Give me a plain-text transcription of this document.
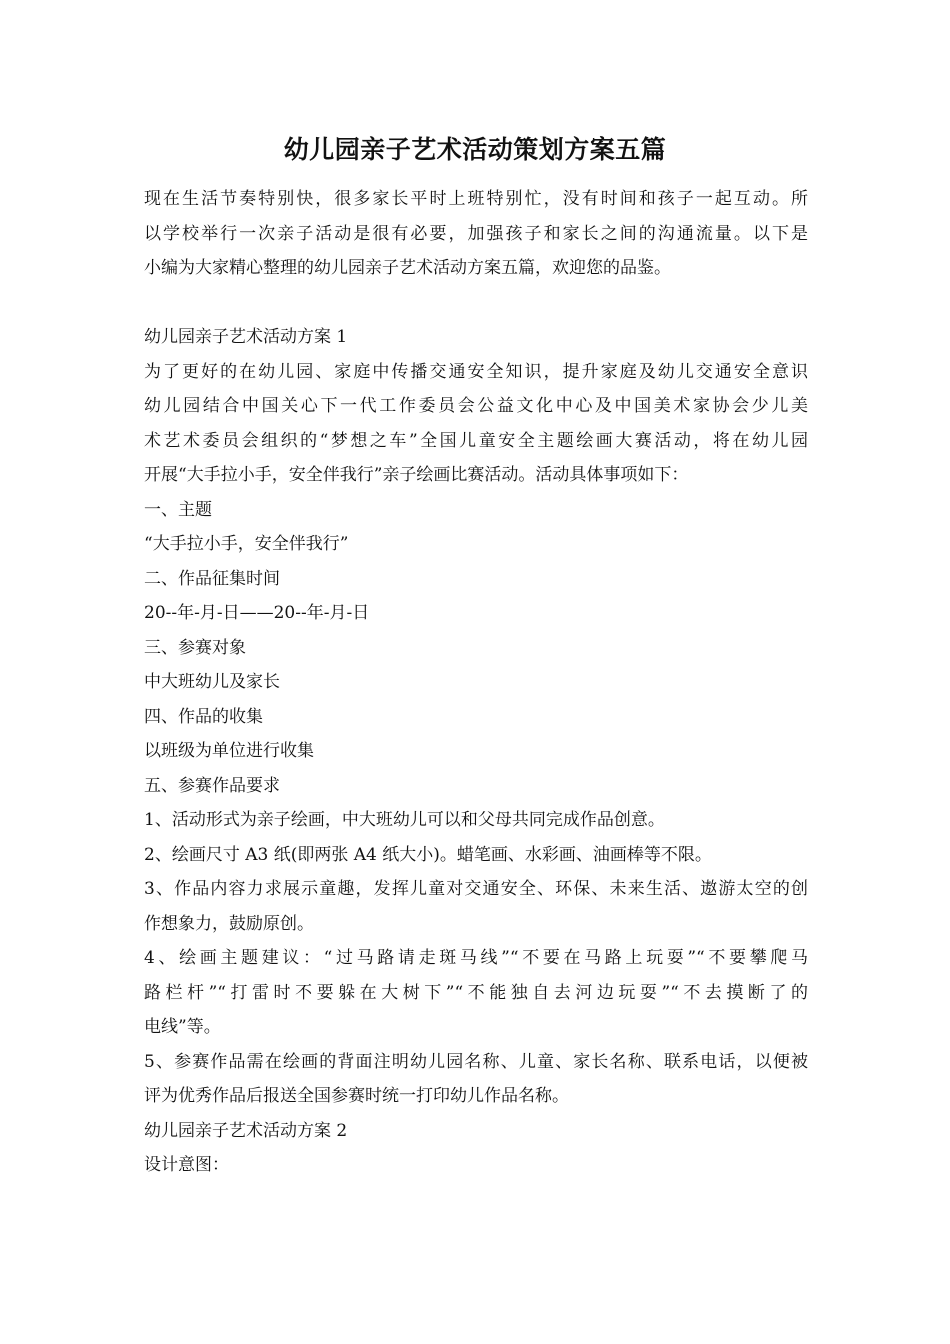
幼儿园亲子艺术活动策划方案五篇

现在生活节奏特别快，很多家长平时上班特别忙，没有时间和孩子一起互动。所

以学校举行一次亲子活动是很有必要，加强孩子和家长之间的沟通流量。以下是

小编为大家精心整理的幼儿园亲子艺术活动方案五篇，欢迎您的品鉴。

幼儿园亲子艺术活动方案 1

为了更好的在幼儿园、家庭中传播交通安全知识，提升家庭及幼儿交通安全意识

幼儿园结合中国关心下一代工作委员会公益文化中心及中国美术家协会少儿美

术艺术委员会组织的“梦想之车”全国儿童安全主题绘画大赛活动，将在幼儿园

开展“大手拉小手，安全伴我行”亲子绘画比赛活动。活动具体事项如下：

一、主题

“大手拉小手，安全伴我行”

二、作品征集时间

20--年-月-日——20--年-月-日

三、参赛对象

中大班幼儿及家长

四、作品的收集

以班级为单位进行收集

五、参赛作品要求

1、活动形式为亲子绘画，中大班幼儿可以和父母共同完成作品创意。

2、绘画尺寸 A3 纸(即两张 A4 纸大小)。蜡笔画、水彩画、油画棒等不限。

3、作品内容力求展示童趣，发挥儿童对交通安全、环保、未来生活、遨游太空的创

作想象力，鼓励原创。

4、绘画主题建议：“过马路请走斑马线”“不要在马路上玩耍”“不要攀爬马

路栏杆”“打雷时不要躲在大树下”“不能独自去河边玩耍”“不去摸断了的

电线”等。

5、参赛作品需在绘画的背面注明幼儿园名称、儿童、家长名称、联系电话，以便被

评为优秀作品后报送全国参赛时统一打印幼儿作品名称。

幼儿园亲子艺术活动方案 2

设计意图：
